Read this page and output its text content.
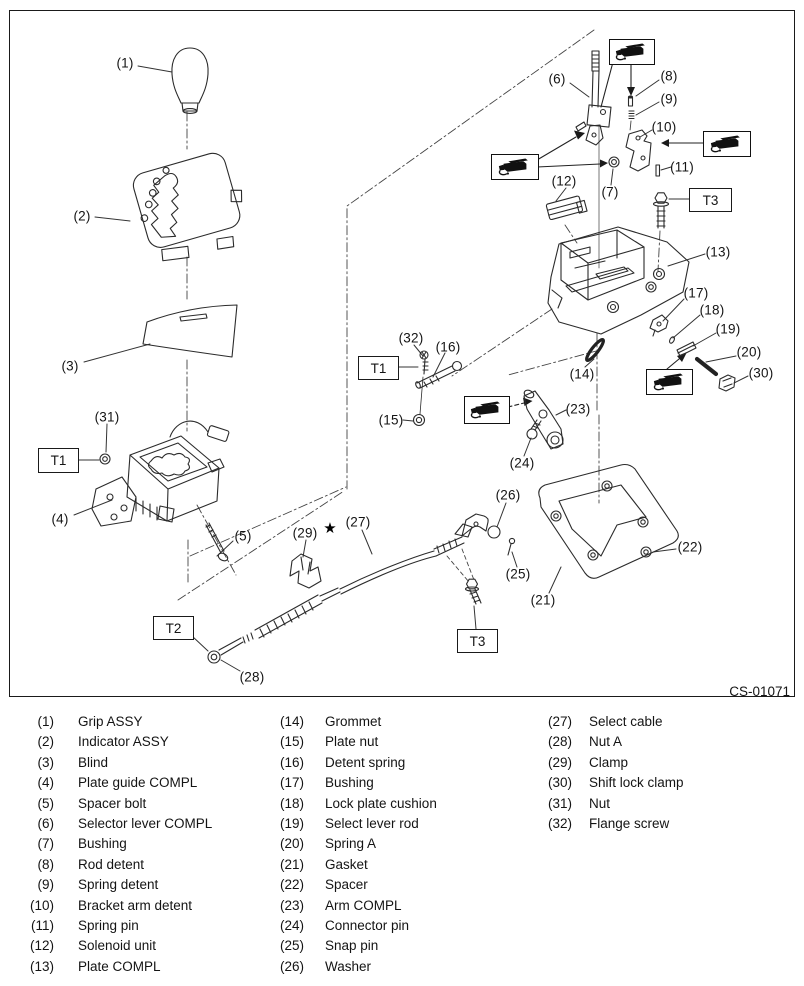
(1)
(2)
(3)
(4)
(5)
(6)
(7)
(8)
(9)
(10)
(11)
(12)
(13)
(14)
(15)
(16)
(17)
(18)
(19)
(20)
(21)
(22)
(23)
(24)
(25)
(26)
(27)
(28)
(29)
(30)
(31)
(32)
★
T1
T1
T2
T3
T3
CS-01071
(1) Grip ASSY
(2) Indicator ASSY
(3) Blind
(4) Plate guide COMPL
(5) Spacer bolt
(6) Selector lever COMPL
(7) Bushing
(8) Rod detent
(9) Spring detent
(10) Bracket arm detent
(11) Spring pin
(12) Solenoid unit
(13) Plate COMPL
(14) Grommet
(15) Plate nut
(16) Detent spring
(17) Bushing
(18) Lock plate cushion
(19) Select lever rod
(20) Spring A
(21) Gasket
(22) Spacer
(23) Arm COMPL
(24) Connector pin
(25) Snap pin
(26) Washer
(27) Select cable
(28) Nut A
(29) Clamp
(30) Shift lock clamp
(31) Nut
(32) Flange screw
